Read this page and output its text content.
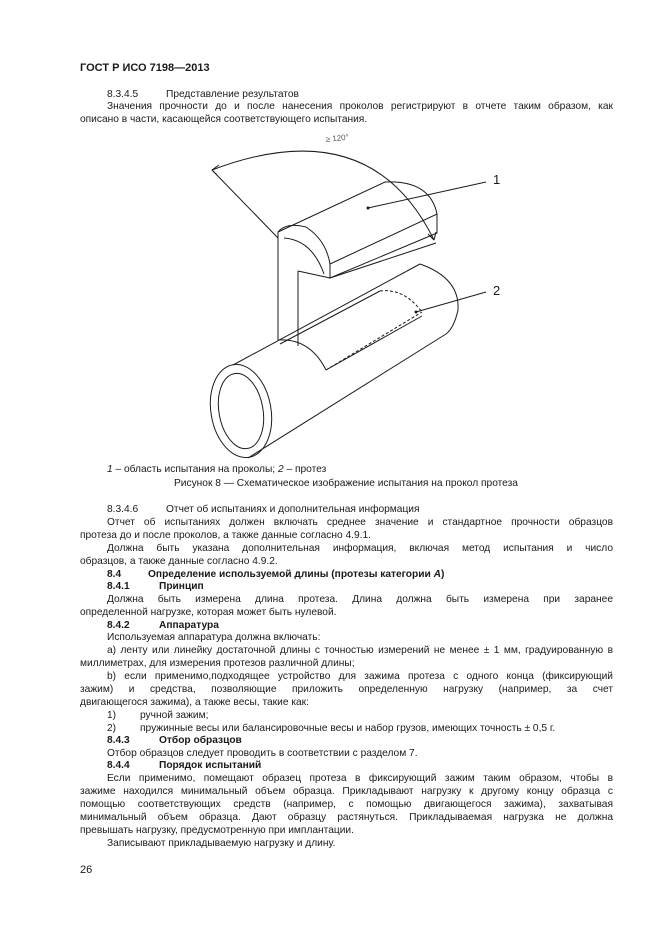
ГОСТ Р ИСО 7198—2013
8.3.4.5	Представление результатов
Значения прочности до и после нанесения проколов регистрируют в отчете таким образом, как
описано в части, касающейся соответствующего испытания.
≥ 120°
1
2
1 – область испытания на проколы; 2 – протез
Рисунок 8 — Схематическое изображение испытания на прокол протеза
8.3.4.6	Отчет об испытаниях и дополнительная информация
Отчет об испытаниях должен включать среднее значение и стандартное прочности образцов
протеза до и после проколов, а также данные согласно 4.9.1.
Должна быть указана дополнительная информация, включая метод испытания и число
образцов, а также данные согласно 4.9.2.
8.4	Определение используемой длины (протезы категории А)
8.4.1	Принцип
Должна быть измерена длина протеза. Длина должна быть измерена при заранее
определенной нагрузке, которая может быть нулевой.
8.4.2	Аппаратура
Используемая аппаратура должна включать:
а) ленту или линейку достаточной длины с точностью измерений не менее ± 1 мм, градуированную в
миллиметрах, для измерения протезов различной длины;
b) если применимо,подходящее устройство для зажима протеза с одного конца (фиксирующий
зажим) и средства, позволяющие приложить определенную нагрузку (например, за счет
двигающегося зажима), а также весы, такие как:
1) ручной зажим;
2) пружинные весы или балансировочные весы и набор грузов, имеющих точность ± 0,5 г.
8.4.3	Отбор образцов
Отбор образцов следует проводить в соответствии с разделом 7.
8.4.4	Порядок испытаний
Если применимо, помещают образец протеза в фиксирующий зажим таким образом, чтобы в
зажиме находился минимальный объем образца. Прикладывают нагрузку к другому концу образца с
помощью соответствующих средств (например, с помощью двигающегося зажима), захватывая
минимальный объем образца. Дают образцу растянуться. Прикладываемая нагрузка не должна
превышать нагрузку, предусмотренную при имплантации.
Записывают прикладываемую нагрузку и длину.
26
